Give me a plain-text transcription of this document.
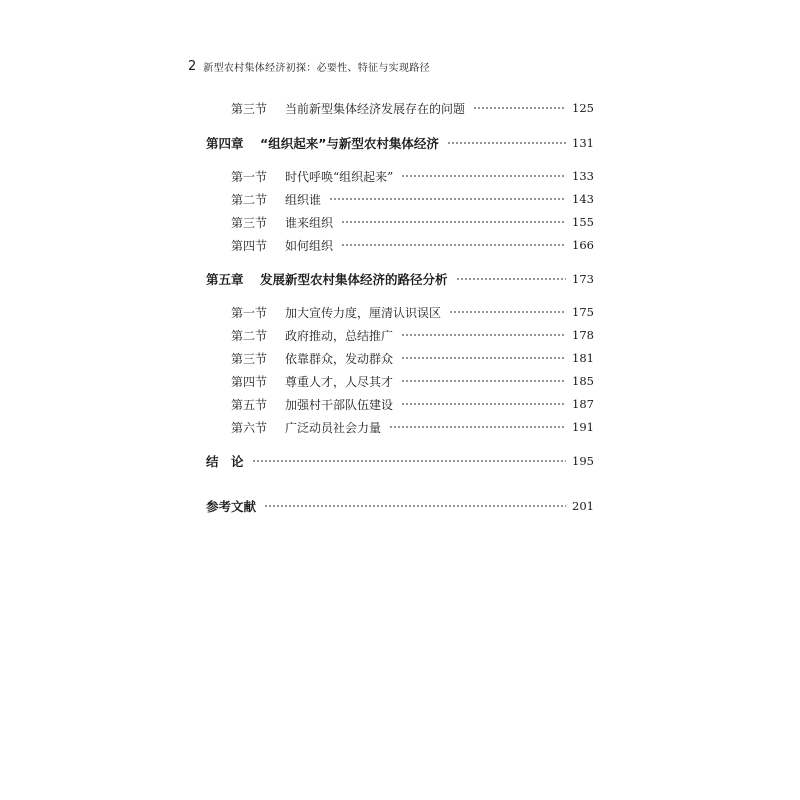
2 新型农村集体经济初探：必要性、特征与实现路径
第三节	当前新型集体经济发展存在的问题	125
第四章	“组织起来”与新型农村集体经济	131
第一节	时代呼唤“组织起来”	133
第二节	组织谁	143
第三节	谁来组织	155
第四节	如何组织	166
第五章	发展新型农村集体经济的路径分析	173
第一节	加大宣传力度，厘清认识误区	175
第二节	政府推动，总结推广	178
第三节	依靠群众，发动群众	181
第四节	尊重人才，人尽其才	185
第五节	加强村干部队伍建设	187
第六节	广泛动员社会力量	191
结　论	195
参考文献	201
